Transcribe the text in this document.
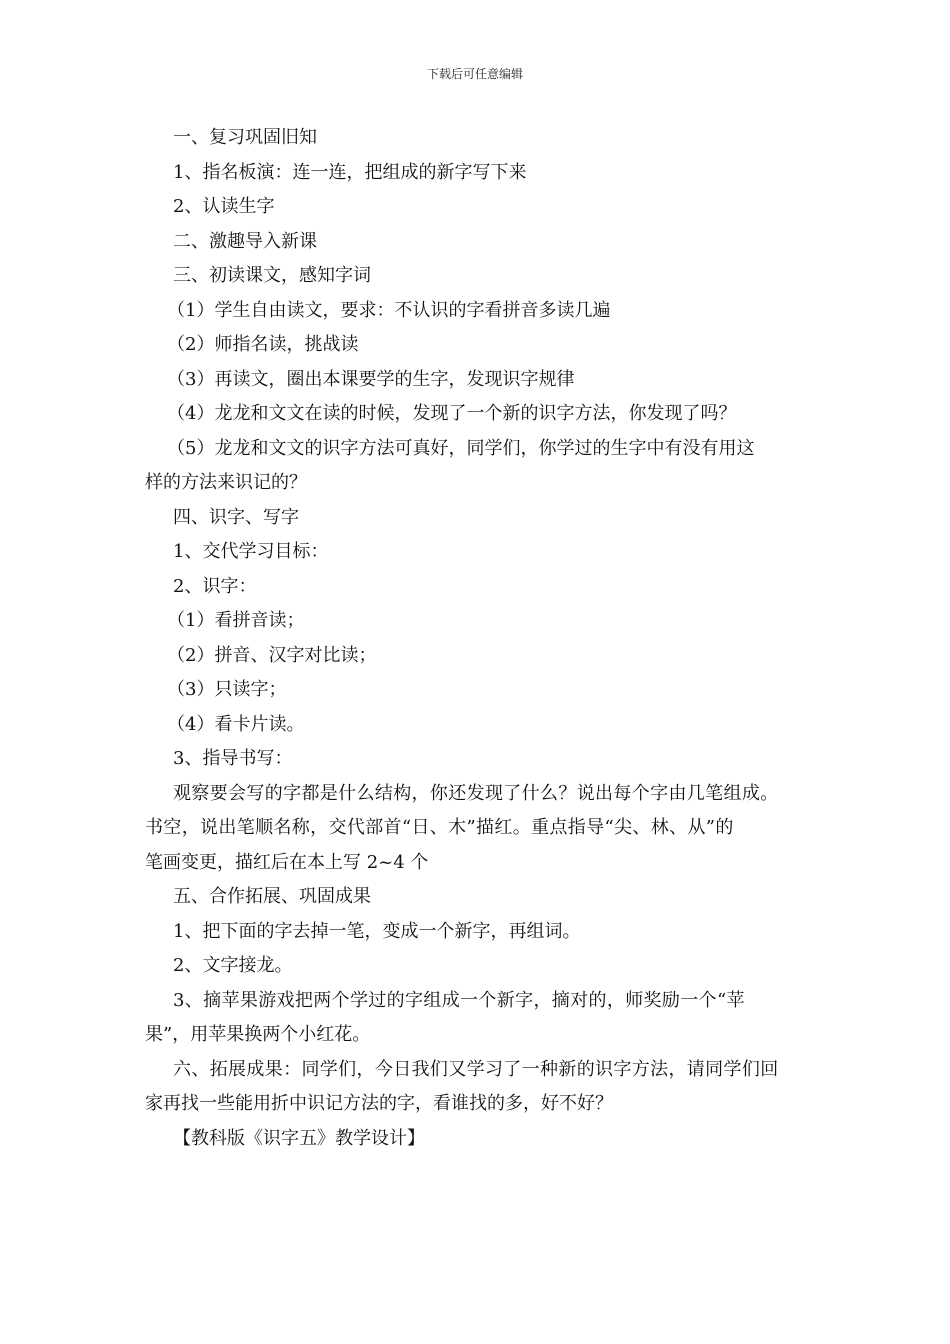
下载后可任意编辑
一、复习巩固旧知
1、指名板演：连一连，把组成的新字写下来
2、认读生字
二、激趣导入新课
三、初读课文，感知字词
（1）学生自由读文，要求：不认识的字看拼音多读几遍
（2）师指名读，挑战读
（3）再读文，圈出本课要学的生字，发现识字规律
（4）龙龙和文文在读的时候，发现了一个新的识字方法，你发现了吗？
（5）龙龙和文文的识字方法可真好，同学们，你学过的生字中有没有用这
样的方法来识记的？
四、识字、写字
1、交代学习目标：
2、识字：
（1）看拼音读；
（2）拼音、汉字对比读；
（3）只读字；
（4）看卡片读。
3、指导书写：
观察要会写的字都是什么结构，你还发现了什么？说出每个字由几笔组成。
书空，说出笔顺名称，交代部首“日、木”描红。重点指导“尖、林、从”的
笔画变更，描红后在本上写 2~4 个
五、合作拓展、巩固成果
1、把下面的字去掉一笔，变成一个新字，再组词。
2、文字接龙。
3、摘苹果游戏把两个学过的字组成一个新字，摘对的，师奖励一个“苹
果”，用苹果换两个小红花。
六、拓展成果：同学们，今日我们又学习了一种新的识字方法，请同学们回
家再找一些能用折中识记方法的字，看谁找的多，好不好？
【教科版《识字五》教学设计】
